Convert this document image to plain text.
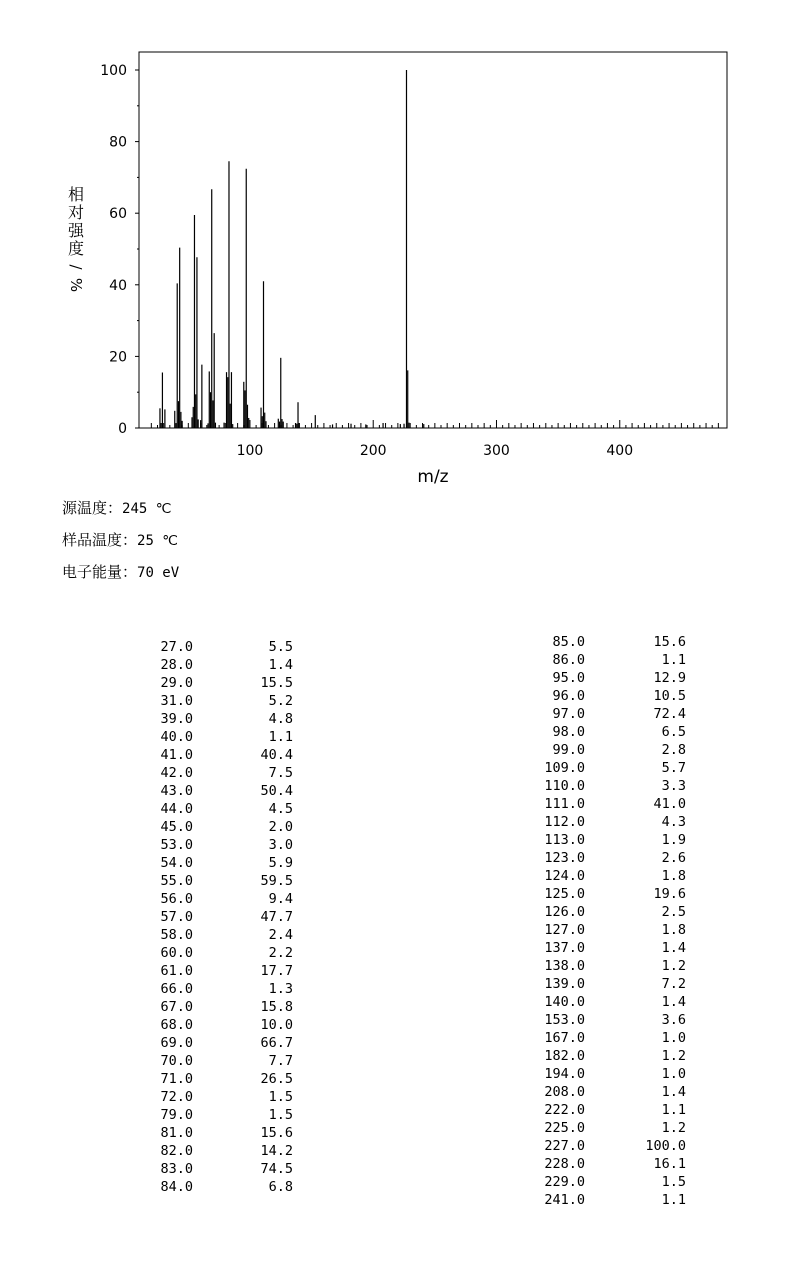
0
20
40
60
80
100
100	200	300	400
m/z
相
对
强
度
/
%
源温度：245 ℃
样品温度：25 ℃
电子能量：70 eV
27.0	5.5
28.0	1.4
29.0	15.5
31.0	5.2
39.0	4.8
40.0	1.1
41.0	40.4
42.0	7.5
43.0	50.4
44.0	4.5
45.0	2.0
53.0	3.0
54.0	5.9
55.0	59.5
56.0	9.4
57.0	47.7
58.0	2.4
60.0	2.2
61.0	17.7
66.0	1.3
67.0	15.8
68.0	10.0
69.0	66.7
70.0	7.7
71.0	26.5
72.0	1.5
79.0	1.5
81.0	15.6
82.0	14.2
83.0	74.5
84.0	6.8
85.0	15.6
86.0	1.1
95.0	12.9
96.0	10.5
97.0	72.4
98.0	6.5
99.0	2.8
109.0	5.7
110.0	3.3
111.0	41.0
112.0	4.3
113.0	1.9
123.0	2.6
124.0	1.8
125.0	19.6
126.0	2.5
127.0	1.8
137.0	1.4
138.0	1.2
139.0	7.2
140.0	1.4
153.0	3.6
167.0	1.0
182.0	1.2
194.0	1.0
208.0	1.4
222.0	1.1
225.0	1.2
227.0	100.0
228.0	16.1
229.0	1.5
241.0	1.1
